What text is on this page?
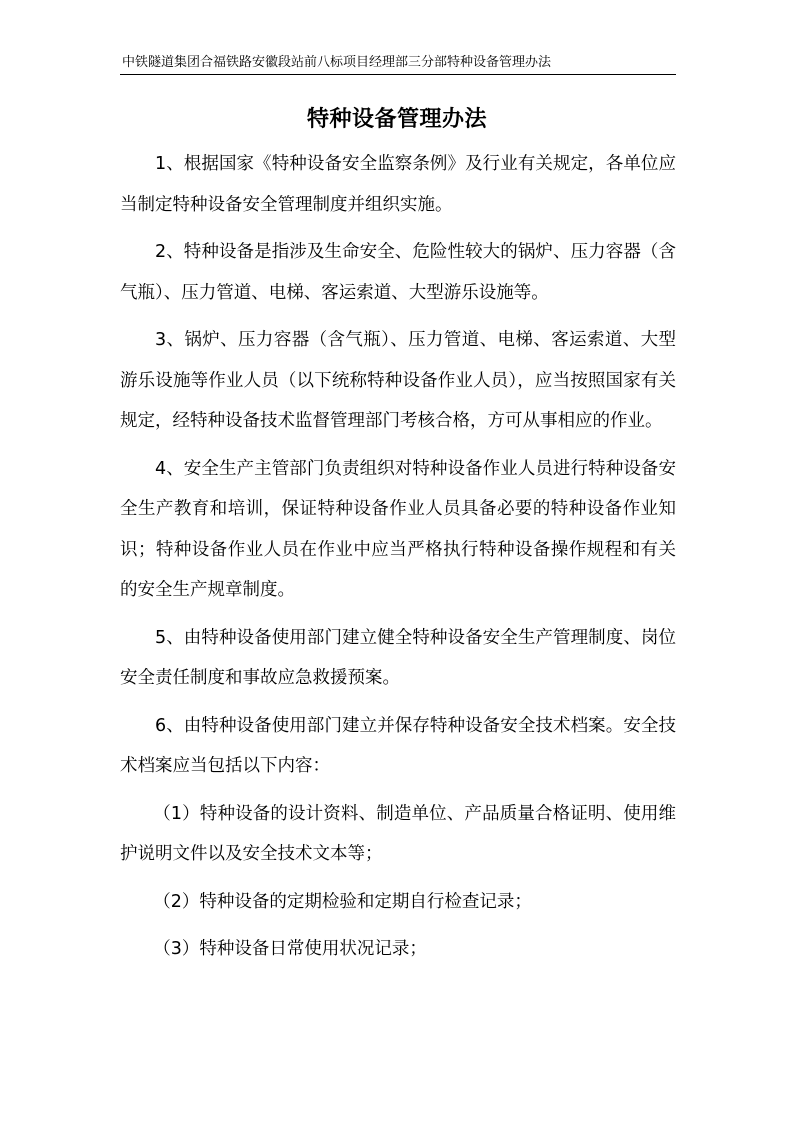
中铁隧道集团合福铁路安徽段站前八标项目经理部三分部特种设备管理办法
特种设备管理办法

1、根据国家《特种设备安全监察条例》及行业有关规定，各单位应当制定特种设备安全管理制度并组织实施。

2、特种设备是指涉及生命安全、危险性较大的锅炉、压力容器（含气瓶）、压力管道、电梯、客运索道、大型游乐设施等。

3、锅炉、压力容器（含气瓶）、压力管道、电梯、客运索道、大型游乐设施等作业人员（以下统称特种设备作业人员），应当按照国家有关规定，经特种设备技术监督管理部门考核合格，方可从事相应的作业。

4、安全生产主管部门负责组织对特种设备作业人员进行特种设备安全生产教育和培训，保证特种设备作业人员具备必要的特种设备作业知识；特种设备作业人员在作业中应当严格执行特种设备操作规程和有关的安全生产规章制度。

5、由特种设备使用部门建立健全特种设备安全生产管理制度、岗位安全责任制度和事故应急救援预案。

6、由特种设备使用部门建立并保存特种设备安全技术档案。安全技术档案应当包括以下内容：

（1）特种设备的设计资料、制造单位、产品质量合格证明、使用维护说明文件以及安全技术文本等；

（2）特种设备的定期检验和定期自行检查记录；

（3）特种设备日常使用状况记录；
